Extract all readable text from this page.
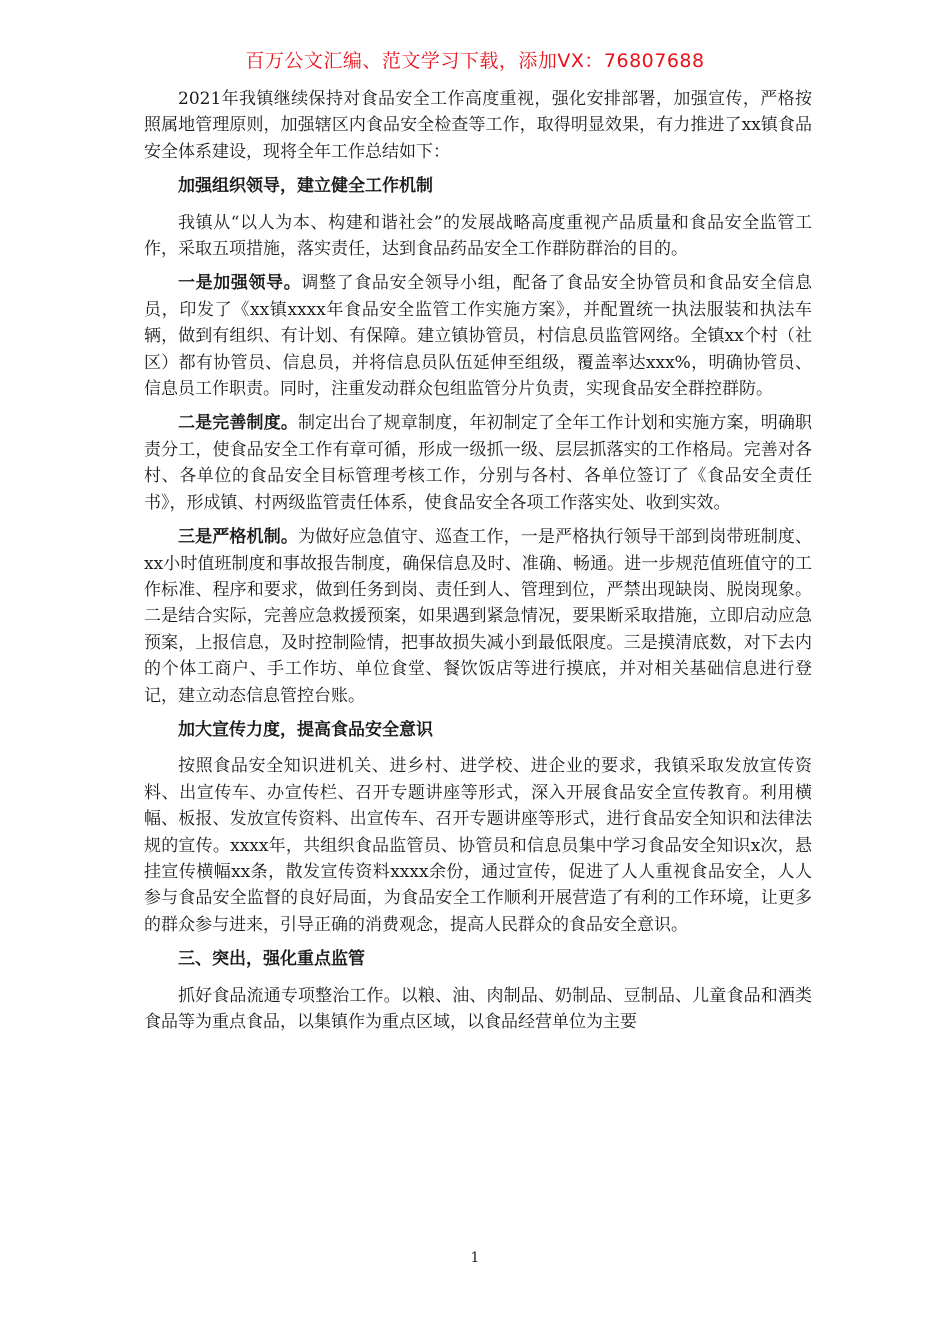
百万公文汇编、范文学习下载，添加VX：76807688

2021年我镇继续保持对食品安全工作高度重视，强化安排部署，加强宣传，严格按照属地管理原则，加强辖区内食品安全检查等工作，取得明显效果，有力推进了xx镇食品安全体系建设，现将全年工作总结如下：

加强组织领导，建立健全工作机制

我镇从“以人为本、构建和谐社会”的发展战略高度重视产品质量和食品安全监管工作，采取五项措施，落实责任，达到食品药品安全工作群防群治的目的。

一是加强领导。调整了食品安全领导小组，配备了食品安全协管员和食品安全信息员，印发了《xx镇xxxx年食品安全监管工作实施方案》，并配置统一执法服装和执法车辆，做到有组织、有计划、有保障。建立镇协管员，村信息员监管网络。全镇xx个村（社区）都有协管员、信息员，并将信息员队伍延伸至组级，覆盖率达xxx%，明确协管员、信息员工作职责。同时，注重发动群众包组监管分片负责，实现食品安全群控群防。

二是完善制度。制定出台了规章制度，年初制定了全年工作计划和实施方案，明确职责分工，使食品安全工作有章可循，形成一级抓一级、层层抓落实的工作格局。完善对各村、各单位的食品安全目标管理考核工作，分别与各村、各单位签订了《食品安全责任书》，形成镇、村两级监管责任体系，使食品安全各项工作落实处、收到实效。

三是严格机制。为做好应急值守、巡查工作，一是严格执行领导干部到岗带班制度、xx小时值班制度和事故报告制度，确保信息及时、准确、畅通。进一步规范值班值守的工作标准、程序和要求，做到任务到岗、责任到人、管理到位，严禁出现缺岗、脱岗现象。二是结合实际，完善应急救援预案，如果遇到紧急情况，要果断采取措施，立即启动应急预案，上报信息，及时控制险情，把事故损失减小到最低限度。三是摸清底数，对下去内的个体工商户、手工作坊、单位食堂、餐饮饭店等进行摸底，并对相关基础信息进行登记，建立动态信息管控台账。

加大宣传力度，提高食品安全意识

按照食品安全知识进机关、进乡村、进学校、进企业的要求，我镇采取发放宣传资料、出宣传车、办宣传栏、召开专题讲座等形式，深入开展食品安全宣传教育。利用横幅、板报、发放宣传资料、出宣传车、召开专题讲座等形式，进行食品安全知识和法律法规的宣传。xxxx年，共组织食品监管员、协管员和信息员集中学习食品安全知识x次，悬挂宣传横幅xx条，散发宣传资料xxxx余份，通过宣传，促进了人人重视食品安全，人人参与食品安全监督的良好局面，为食品安全工作顺利开展营造了有利的工作环境，让更多的群众参与进来，引导正确的消费观念，提高人民群众的食品安全意识。

三、突出，强化重点监管

抓好食品流通专项整治工作。以粮、油、肉制品、奶制品、豆制品、儿童食品和酒类食品等为重点食品，以集镇作为重点区域，以食品经营单位为主要

1
